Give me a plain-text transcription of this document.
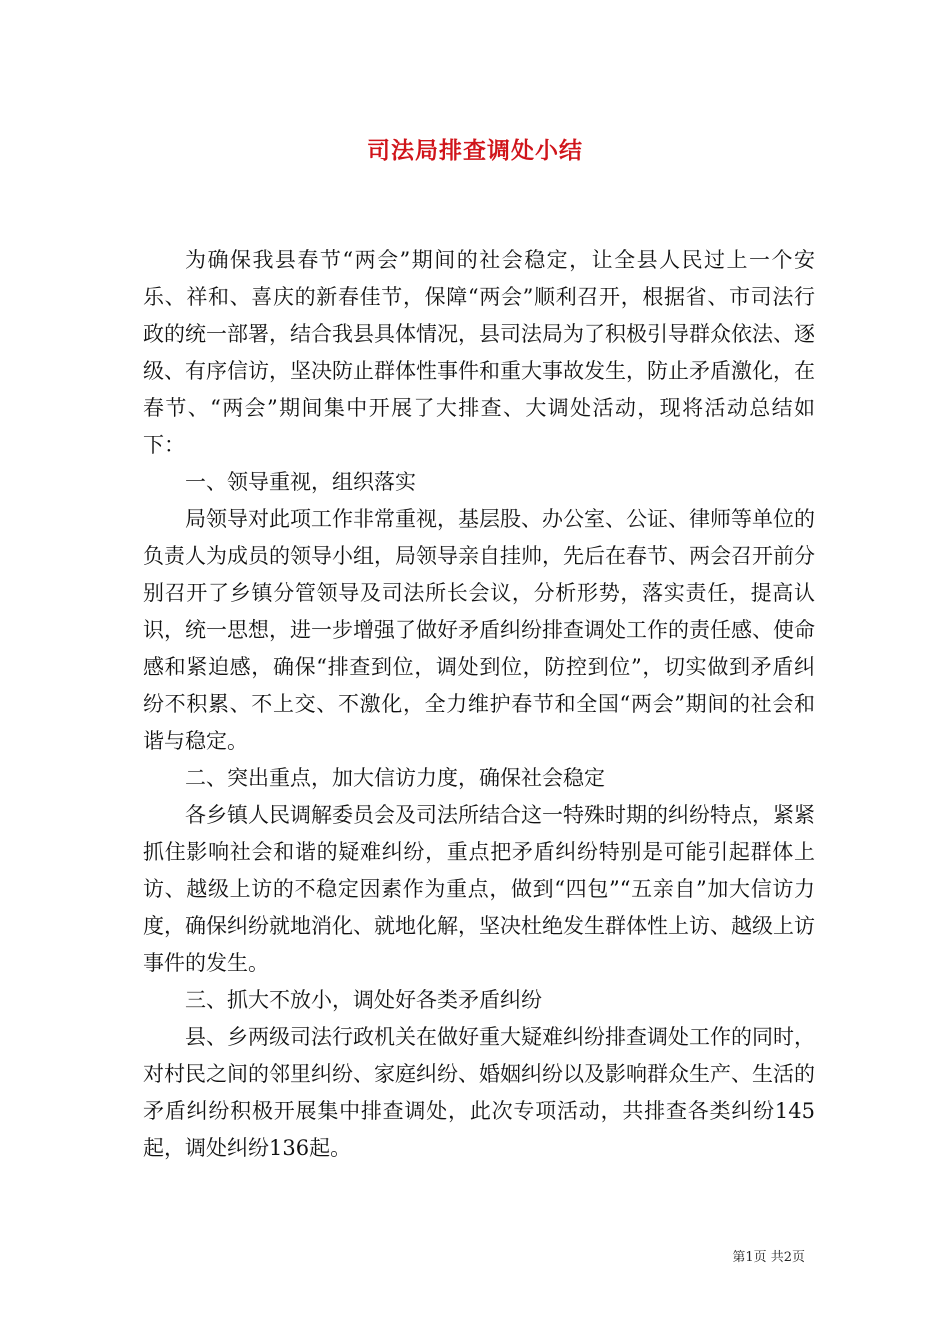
司法局排查调处小结

为确保我县春节“两会”期间的社会稳定，让全县人民过上一个安乐、祥和、喜庆的新春佳节，保障“两会”顺利召开，根据省、市司法行政的统一部署，结合我县具体情况，县司法局为了积极引导群众依法、逐级、有序信访，坚决防止群体性事件和重大事故发生，防止矛盾激化，在春节、“两会”期间集中开展了大排查、大调处活动，现将活动总结如下：

一、领导重视，组织落实

局领导对此项工作非常重视，基层股、办公室、公证、律师等单位的负责人为成员的领导小组，局领导亲自挂帅，先后在春节、两会召开前分别召开了乡镇分管领导及司法所长会议，分析形势，落实责任，提高认识，统一思想，进一步增强了做好矛盾纠纷排查调处工作的责任感、使命感和紧迫感，确保“排查到位，调处到位，防控到位”，切实做到矛盾纠纷不积累、不上交、不激化，全力维护春节和全国“两会”期间的社会和谐与稳定。

二、突出重点，加大信访力度，确保社会稳定

各乡镇人民调解委员会及司法所结合这一特殊时期的纠纷特点，紧紧抓住影响社会和谐的疑难纠纷，重点把矛盾纠纷特别是可能引起群体上访、越级上访的不稳定因素作为重点，做到“四包”“五亲自”加大信访力度，确保纠纷就地消化、就地化解，坚决杜绝发生群体性上访、越级上访事件的发生。

三、抓大不放小，调处好各类矛盾纠纷

县、乡两级司法行政机关在做好重大疑难纠纷排查调处工作的同时，对村民之间的邻里纠纷、家庭纠纷、婚姻纠纷以及影响群众生产、生活的矛盾纠纷积极开展集中排查调处，此次专项活动，共排查各类纠纷145起，调处纠纷136起。

第1页 共2页
